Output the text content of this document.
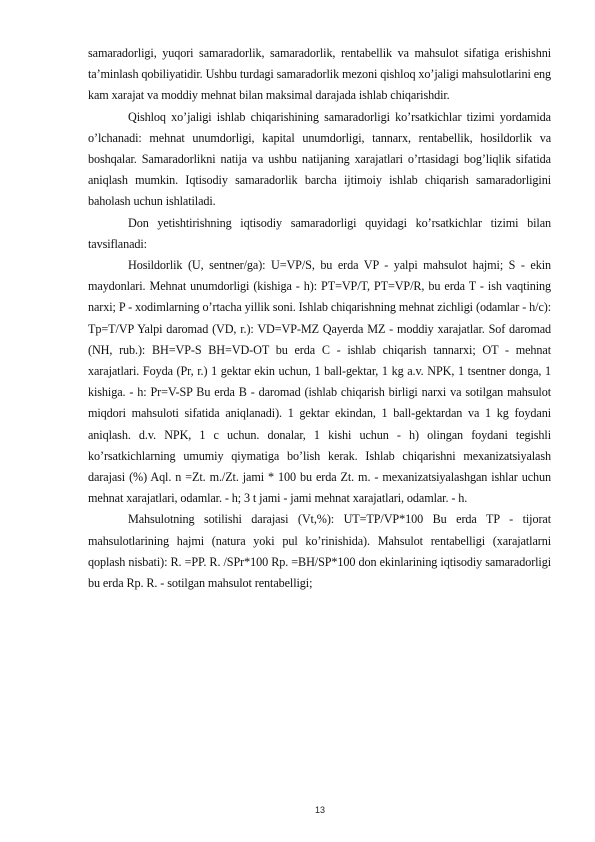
samaradorligi, yuqori samaradorlik, samaradorlik, rentabellik va mahsulot sifatiga erishishni ta’minlash qobiliyatidir. Ushbu turdagi samaradorlik mezoni qishloq xo’jaligi mahsulotlarini eng kam xarajat va moddiy mehnat bilan maksimal darajada ishlab chiqarishdir.

Qishloq xo’jaligi ishlab chiqarishining samaradorligi ko’rsatkichlar tizimi yordamida o’lchanadi: mehnat unumdorligi, kapital unumdorligi, tannarx, rentabellik, hosildorlik va boshqalar. Samaradorlikni natija va ushbu natijaning xarajatlari o’rtasidagi bog’liqlik sifatida aniqlash mumkin. Iqtisodiy samaradorlik barcha ijtimoiy ishlab chiqarish samaradorligini baholash uchun ishlatiladi.

Don yetishtirishning iqtisodiy samaradorligi quyidagi ko’rsatkichlar tizimi bilan tavsiflanadi:

Hosildorlik (U, sentner/ga): U=VP/S, bu erda VP - yalpi mahsulot hajmi; S - ekin maydonlari. Mehnat unumdorligi (kishiga - h): PT=VP/T, PT=VP/R, bu erda T - ish vaqtining narxi; P - xodimlarning o’rtacha yillik soni. Ishlab chiqarishning mehnat zichligi (odamlar - h/c): Tp=T/VP Yalpi daromad (VD, r.): VD=VP-MZ Qayerda MZ - moddiy xarajatlar. Sof daromad (NH, rub.): BH=VP-S BH=VD-OT bu erda C - ishlab chiqarish tannarxi; OT - mehnat xarajatlari. Foyda (Pr, r.) 1 gektar ekin uchun, 1 ball-gektar, 1 kg a.v. NPK, 1 tsentner donga, 1 kishiga. - h: Pr=V-SP Bu erda B - daromad (ishlab chiqarish birligi narxi va sotilgan mahsulot miqdori mahsuloti sifatida aniqlanadi). 1 gektar ekindan, 1 ball-gektardan va 1 kg foydani aniqlash. d.v. NPK, 1 c uchun. donalar, 1 kishi uchun - h) olingan foydani tegishli ko’rsatkichlarning umumiy qiymatiga bo’lish kerak. Ishlab chiqarishni mexanizatsiyalash darajasi (%) Aql. n =Zt. m./Zt. jami * 100 bu erda Zt. m. - mexanizatsiyalashgan ishlar uchun mehnat xarajatlari, odamlar. - h; 3 t jami - jami mehnat xarajatlari, odamlar. - h.

Mahsulotning sotilishi darajasi (Vt,%): UT=TP/VP*100 Bu erda TP - tijorat mahsulotlarining hajmi (natura yoki pul ko’rinishida). Mahsulot rentabelligi (xarajatlarni qoplash nisbati): R. =PP. R. /SPr*100 Rp. =BH/SP*100 don ekinlarining iqtisodiy samaradorligi bu erda Rp. R. - sotilgan mahsulot rentabelligi;

13
